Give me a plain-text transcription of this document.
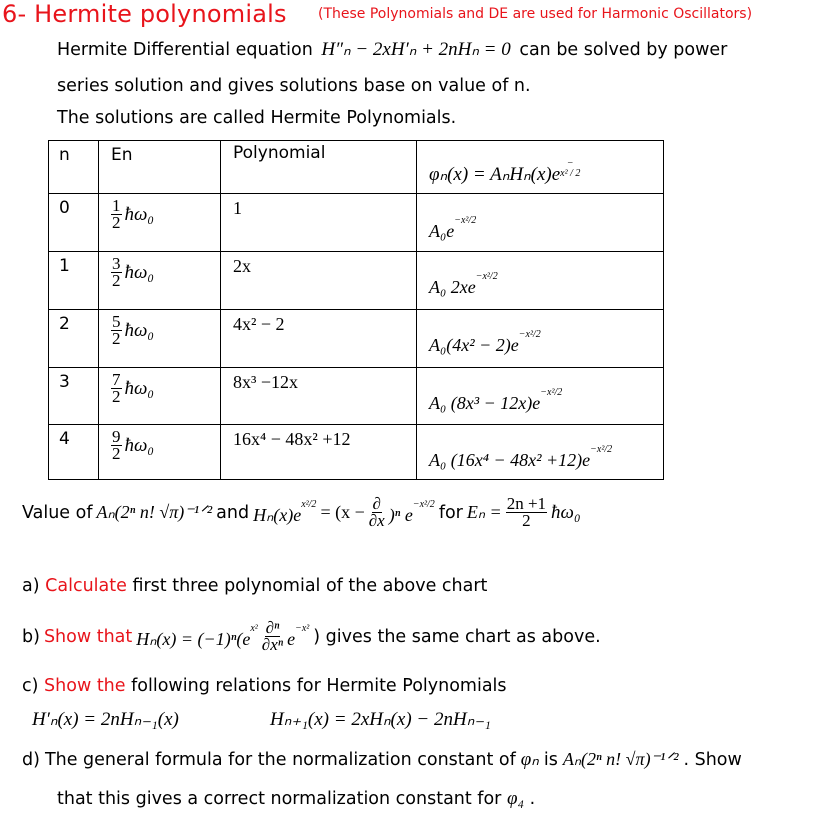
6- Hermite polynomials (These Polynomials and DE are used for Harmonic Oscillators)
Hermite Differential equation H″ₙ − 2xH′ₙ + 2nHₙ = 0 can be solved by power
series solution and gives solutions base on value of n.
The solutions are called Hermite Polynomials.
n	En	Polynomial	φₙ(x) = AₙHₙ(x)e−
x² / 2

0	$\frac{1}{2}$ ħω₀	1	A₀e−x²/2

1	$\frac{3}{2}$ ħω₀	2x	A₀ 2xe−x²/2

2	$\frac{5}{2}$ ħω₀	4x² − 2	A₀(4x² − 2)e−x²/2

3	$\frac{7}{2}$ ħω₀	8x³ −12x	A₀ (8x³ − 12x)e−x²/2

4	$\frac{9}{2}$ ħω₀	16x⁴ − 48x² +12	A₀ (16x⁴ − 48x² +12)e−x²/2
Value of Aₙ(2ⁿ n! √π)⁻¹ᐟ² and $H_n(x)ex^2/2 = (x - \frac{\partial}{\partial x} )^n$ e−x²/2 for $E_n = \frac{2n +1}{2}$ ħω₀
a) Calculate first three polynomial of the above chart
b) Show that $H_n(x) = (-1)^n(ex^2 \frac{\text{∂ⁿ}}{\text{∂xⁿ}} e-x^2$ ) gives the same chart as above.
c) Show the following relations for Hermite Polynomials
H′ₙ(x) = 2nHₙ₋₁(x)	Hₙ₊₁(x) = 2xHₙ(x) − 2nHₙ₋₁
d) The general formula for the normalization constant of φₙ is Aₙ(2ⁿ n! √π)⁻¹ᐟ² . Show
that this gives a correct normalization constant for φ₄ .
